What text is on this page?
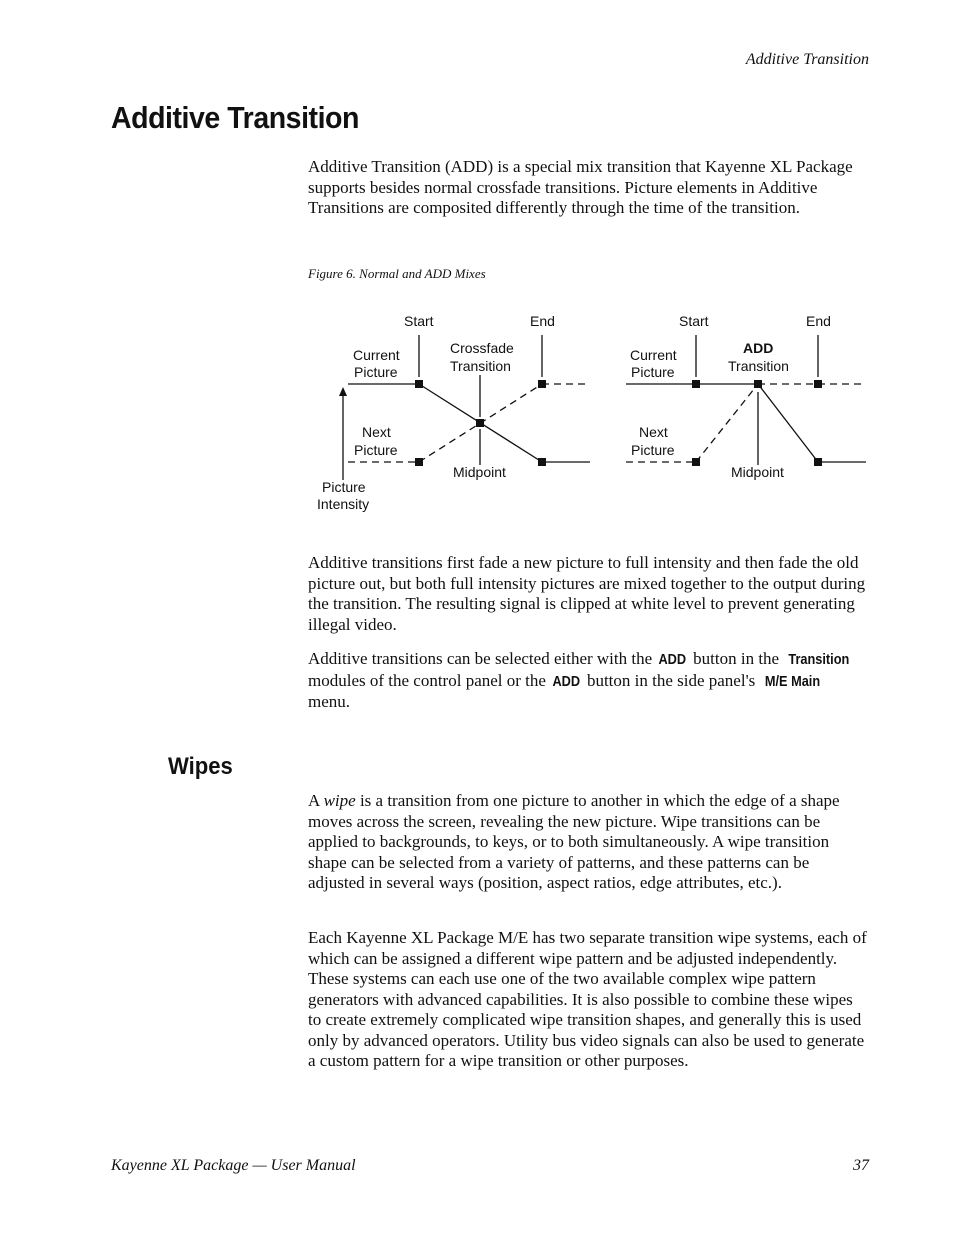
Additive Transition
Additive Transition
Additive Transition (ADD) is a special mix transition that Kayenne XL Package supports besides normal crossfade transitions. Picture elements in Additive Transitions are composited differently through the time of the transition.
Figure 6. Normal and ADD Mixes
Start	End
Current
Picture
Crossfade
Transition
Next
Picture
Midpoint
Picture
Intensity
Start	End
Current
Picture
ADD
Transition
Next
Picture
Midpoint
Additive transitions first fade a new picture to full intensity and then fade the old picture out, but both full intensity pictures are mixed together to the output during the transition. The resulting signal is clipped at white level to prevent generating illegal video.
Additive transitions can be selected either with the ADD button in the Transition modules of the control panel or the ADD button in the side panel's M/E Main menu.
Wipes
A wipe is a transition from one picture to another in which the edge of a shape moves across the screen, revealing the new picture. Wipe transitions can be applied to backgrounds, to keys, or to both simultaneously. A wipe transition shape can be selected from a variety of patterns, and these patterns can be adjusted in several ways (position, aspect ratios, edge attributes, etc.).
Each Kayenne XL Package M/E has two separate transition wipe systems, each of which can be assigned a different wipe pattern and be adjusted independently. These systems can each use one of the two available complex wipe pattern generators with advanced capabilities. It is also possible to combine these wipes to create extremely complicated wipe transition shapes, and generally this is used only by advanced operators. Utility bus video signals can also be used to generate a custom pattern for a wipe transition or other purposes.
Kayenne XL Package — User Manual	37
